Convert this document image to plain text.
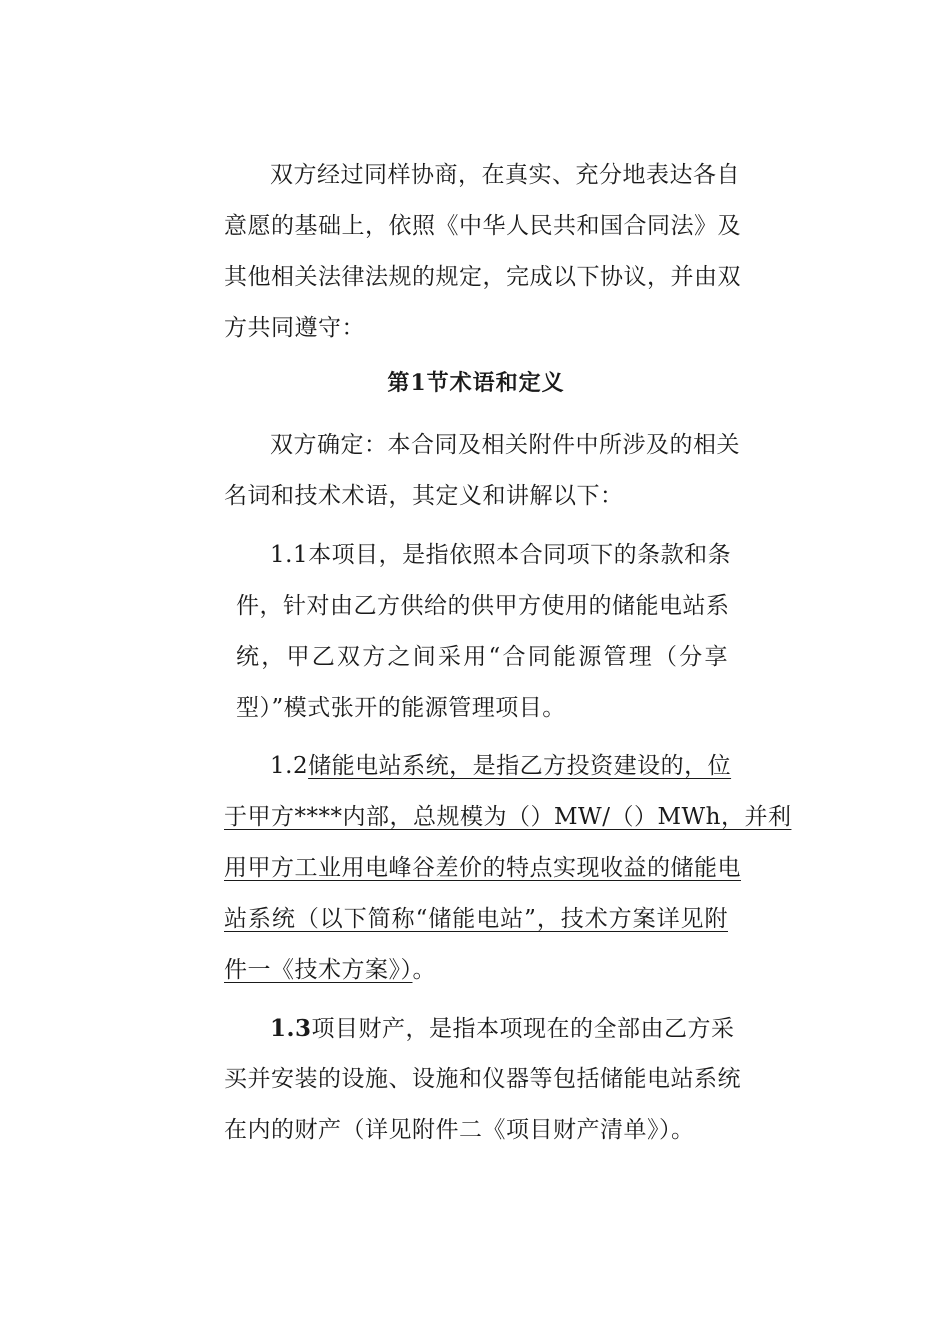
双方经过同样协商，在真实、充分地表达各自
意愿的基础上，依照《中华人民共和国合同法》及
其他相关法律法规的规定，完成以下协议，并由双
方共同遵守：
第1节术语和定义
双方确定：本合同及相关附件中所涉及的相关
名词和技术术语，其定义和讲解以下：
1.1本项目，是指依照本合同项下的条款和条
件，针对由乙方供给的供甲方使用的储能电站系
统，甲乙双方之间采用“合同能源管理（分享
型）”模式张开的能源管理项目。
1.2储能电站系统，是指乙方投资建设的，位
于甲方****内部，总规模为（）MW/（）MWh，并利
用甲方工业用电峰谷差价的特点实现收益的储能电
站系统（以下简称“储能电站”，技术方案详见附
件一《技术方案》）。
1.3项目财产，是指本项现在的全部由乙方采
买并安装的设施、设施和仪器等包括储能电站系统
在内的财产（详见附件二《项目财产清单》）。
